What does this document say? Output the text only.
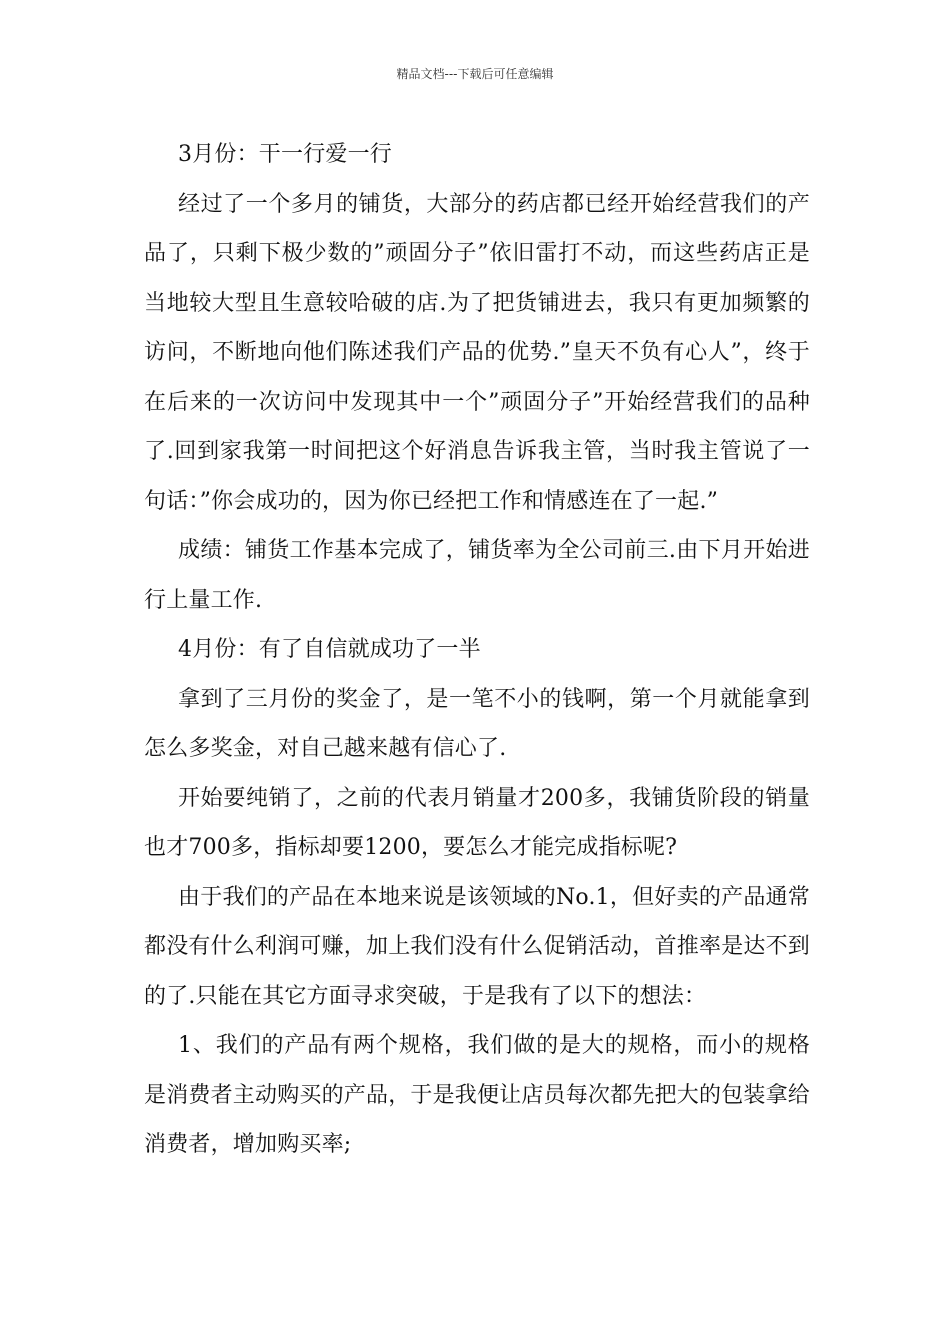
精品文档---下载后可任意编辑

3月份：干一行爱一行

经过了一个多月的铺货，大部分的药店都已经开始经营我们的产品了，只剩下极少数的”顽固分子”依旧雷打不动，而这些药店正是当地较大型且生意较哈破的店.为了把货铺进去，我只有更加频繁的访问，不断地向他们陈述我们产品的优势.”皇天不负有心人”，终于在后来的一次访问中发现其中一个”顽固分子”开始经营我们的品种了.回到家我第一时间把这个好消息告诉我主管，当时我主管说了一句话：”你会成功的，因为你已经把工作和情感连在了一起.”

成绩：铺货工作基本完成了，铺货率为全公司前三.由下月开始进行上量工作.

4月份：有了自信就成功了一半

拿到了三月份的奖金了，是一笔不小的钱啊，第一个月就能拿到怎么多奖金，对自己越来越有信心了.

开始要纯销了，之前的代表月销量才200多，我铺货阶段的销量也才700多，指标却要1200，要怎么才能完成指标呢?

由于我们的产品在本地来说是该领域的No.1，但好卖的产品通常都没有什么利润可赚，加上我们没有什么促销活动，首推率是达不到的了.只能在其它方面寻求突破，于是我有了以下的想法：

1、我们的产品有两个规格，我们做的是大的规格，而小的规格是消费者主动购买的产品，于是我便让店员每次都先把大的包装拿给消费者，增加购买率;
